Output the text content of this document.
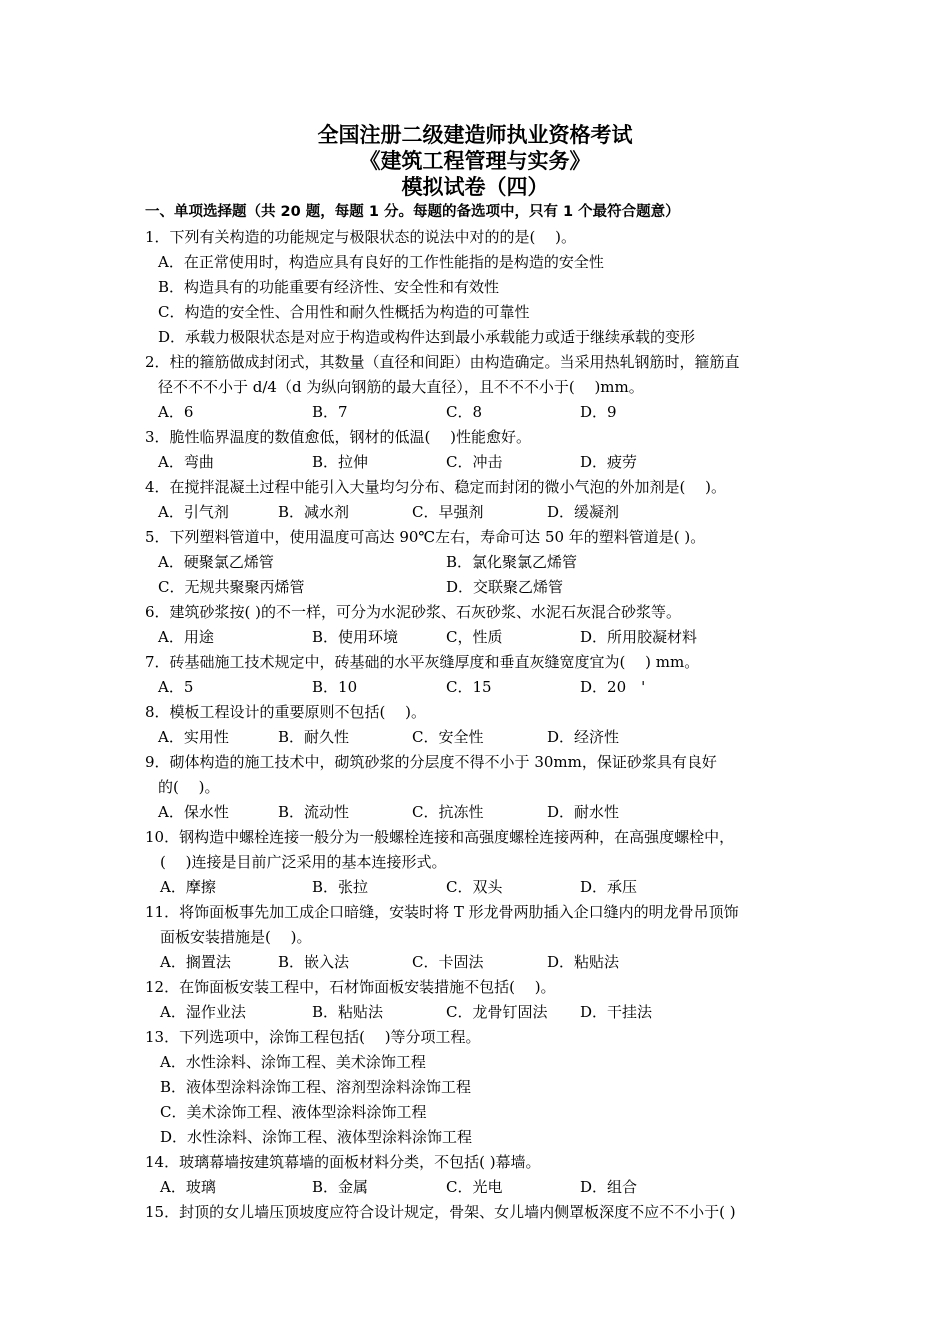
全国注册二级建造师执业资格考试
《建筑工程管理与实务》
模拟试卷（四）
一、单项选择题（共 20 题，每题 1 分。每题的备选项中，只有 1 个最符合题意）
1．下列有关构造的功能规定与极限状态的说法中对的的是(　 )。
A．在正常使用时，构造应具有良好的工作性能指的是构造的安全性
B．构造具有的功能重要有经济性、安全性和有效性
C．构造的安全性、合用性和耐久性概括为构造的可靠性
D．承载力极限状态是对应于构造或构件达到最小承载能力或适于继续承载的变形
2．柱的箍筋做成封闭式，其数量（直径和间距）由构造确定。当采用热轧钢筋时，箍筋直
径不不不小于 d/4（d 为纵向钢筋的最大直径），且不不不小于(　 )mm。
A．6	B．7	C．8	D．9
3．脆性临界温度的数值愈低，钢材的低温(　 )性能愈好。
A．弯曲	B．拉伸	C．冲击	D．疲劳
4．在搅拌混凝土过程中能引入大量均匀分布、稳定而封闭的微小气泡的外加剂是(　 )。
A．引气剂	B．减水剂	C．早强剂	D．缓凝剂
5．下列塑料管道中，使用温度可高达 90℃左右，寿命可达 50 年的塑料管道是( )。
A．硬聚氯乙烯管	B．氯化聚氯乙烯管
C．无规共聚聚丙烯管	D．交联聚乙烯管
6．建筑砂浆按( )的不一样，可分为水泥砂浆、石灰砂浆、水泥石灰混合砂浆等。
A．用途	B．使用环境	C，性质	D．所用胶凝材料
7．砖基础施工技术规定中，砖基础的水平灰缝厚度和垂直灰缝宽度宜为(　 ) mm。
A．5	B．10	C．15	D．20　'
8．模板工程设计的重要原则不包括(　 )。
A．实用性	B．耐久性	C．安全性	D．经济性
9．砌体构造的施工技术中，砌筑砂浆的分层度不得不小于 30mm，保证砂浆具有良好
的(　 )。
A．保水性	B．流动性	C．抗冻性	D．耐水性
10．钢构造中螺栓连接一般分为一般螺栓连接和高强度螺栓连接两种，在高强度螺栓中，
(　 )连接是目前广泛采用的基本连接形式。
A．摩擦	B．张拉	C．双头	D．承压
11．将饰面板事先加工成企口暗缝，安装时将 T 形龙骨两肋插入企口缝内的明龙骨吊顶饰
面板安装措施是(　 )。
A．搁置法	B．嵌入法	C．卡固法	D．粘贴法
12．在饰面板安装工程中，石材饰面板安装措施不包括(　 )。
A．湿作业法	B．粘贴法	C．龙骨钉固法 D．干挂法
13．下列选项中，涂饰工程包括(　 )等分项工程。
A．水性涂料、涂饰工程、美术涂饰工程
B．液体型涂料涂饰工程、溶剂型涂料涂饰工程
C．美术涂饰工程、液体型涂料涂饰工程
D．水性涂料、涂饰工程、液体型涂料涂饰工程
14．玻璃幕墙按建筑幕墙的面板材料分类，不包括( )幕墙。
A．玻璃	B．金属	C．光电	D．组合
15．封顶的女儿墙压顶坡度应符合设计规定，骨架、女儿墙内侧罩板深度不应不不小于( )
